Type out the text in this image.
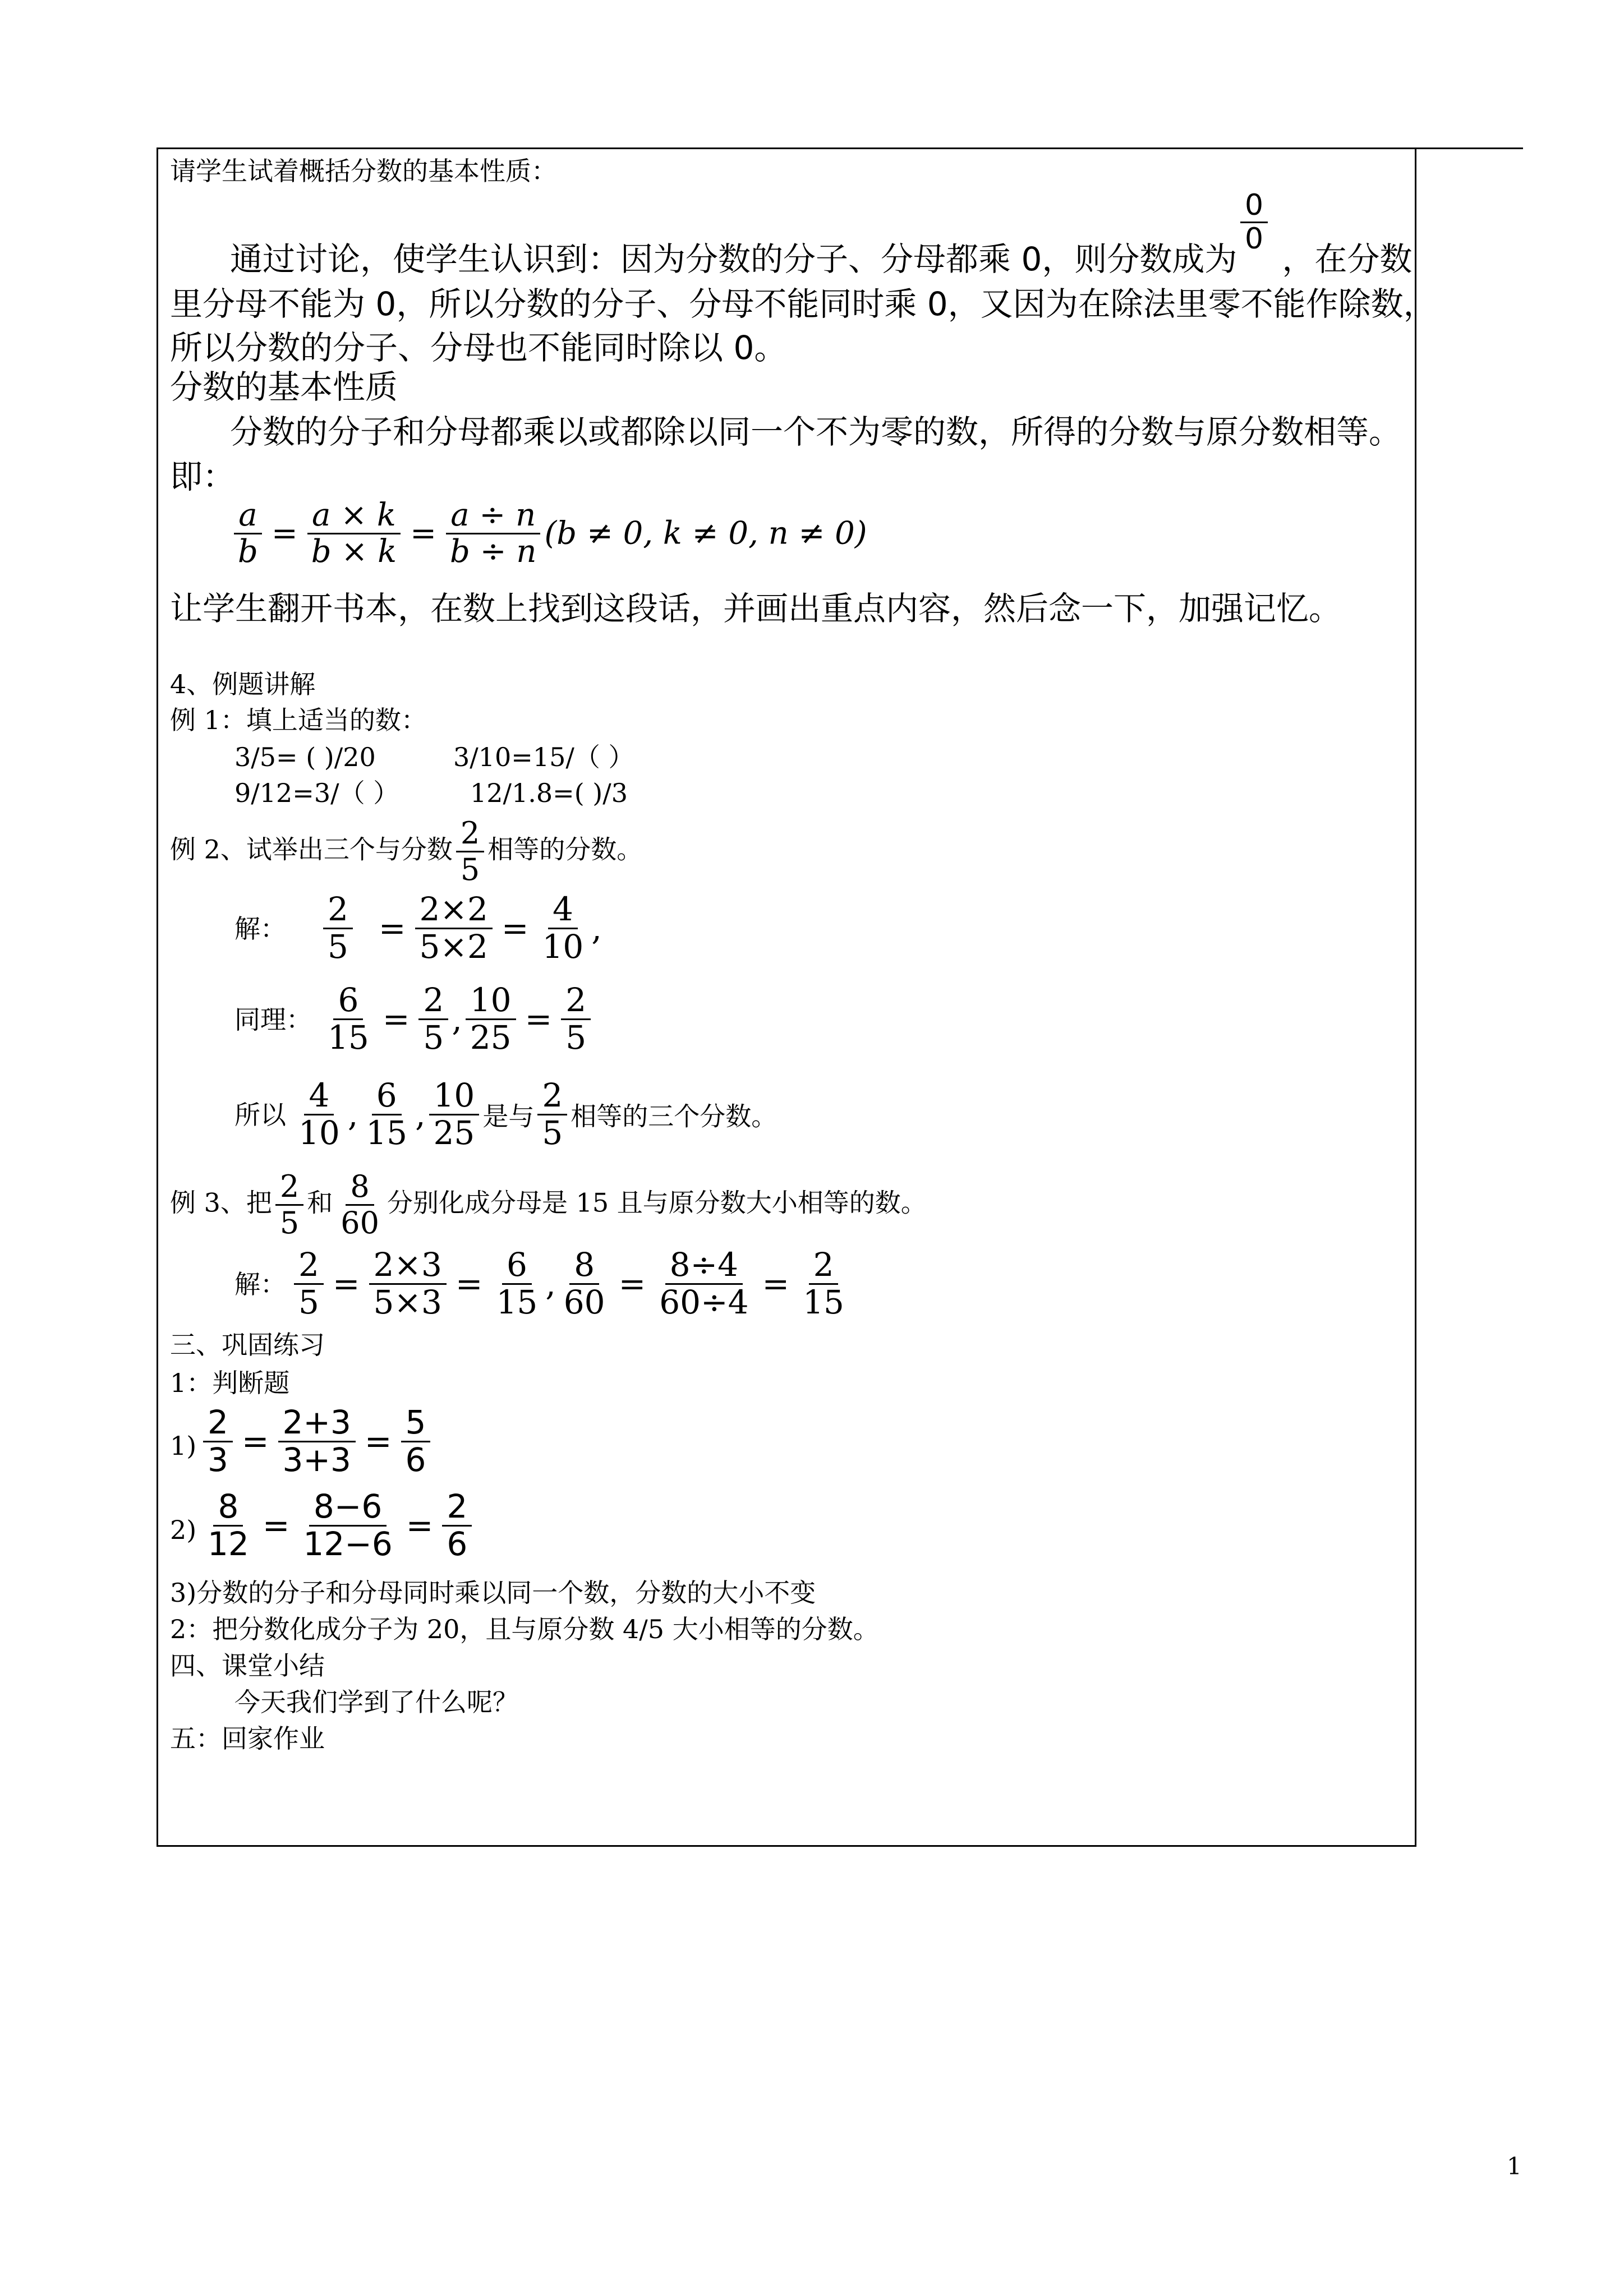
请学生试着概括分数的基本性质：
$\frac{0}{0}$
通过讨论，使学生认识到：因为分数的分子、分母都乘 0，则分数成为 ，在分数
里分母不能为 0，所以分数的分子、分母不能同时乘 0，又因为在除法里零不能作除数，
所以分数的分子、分母也不能同时除以 0。
分数的基本性质
分数的分子和分母都乘以或都除以同一个不为零的数，所得的分数与原分数相等。
即：
$\frac{a}{b} = \frac{a \times k}{b \times k} = \frac{a \div n}{b \div n} (b \ne 0$, k ≠ 0, n ≠ 0)
让学生翻开书本，在数上找到这段话，并画出重点内容，然后念一下，加强记忆。
4、例题讲解
例 1：填上适当的数：
3/5= ( )/20	3/10=15/（ ）
9/12=3/（ ）	12/1.8=( )/3
例 2、试举出三个与分数 $\frac{2}{5}$ 相等的分数。
解： $\frac{2}{5} = \frac{2\times 2}{5\times 2} = \frac{4}{10}$ ,
同理： $\frac{6}{15} = \frac{2}{5}$ , $\frac{10}{25} = \frac{2}{5}$
所以 $\frac{4}{10}$ , $\frac{6}{15}$ , $\frac{10}{25}$ 是与 $\frac{2}{5}$ 相等的三个分数。
例 3、把 $\frac{2}{5}$ 和 $\frac{8}{60}$ 分别化成分母是 15 且与原分数大小相等的数。
解： $\frac{2}{5} = \frac{2\times 3}{5\times 3} = \frac{6}{15}$ , $\frac{8}{60} = \frac{8\div 4}{60\div 4} = \frac{2}{15}$
三、巩固练习
1：判断题
$1) \frac{2}{3} = \frac{2+3}{3+3} = \frac{5}{6}$
$2) \frac{8}{12} = \frac{8-6}{12-6} = \frac{2}{6}$
3)分数的分子和分母同时乘以同一个数，分数的大小不变
2：把分数化成分子为 20，且与原分数 4/5 大小相等的分数。
四、课堂小结
今天我们学到了什么呢？
五：回家作业
1
